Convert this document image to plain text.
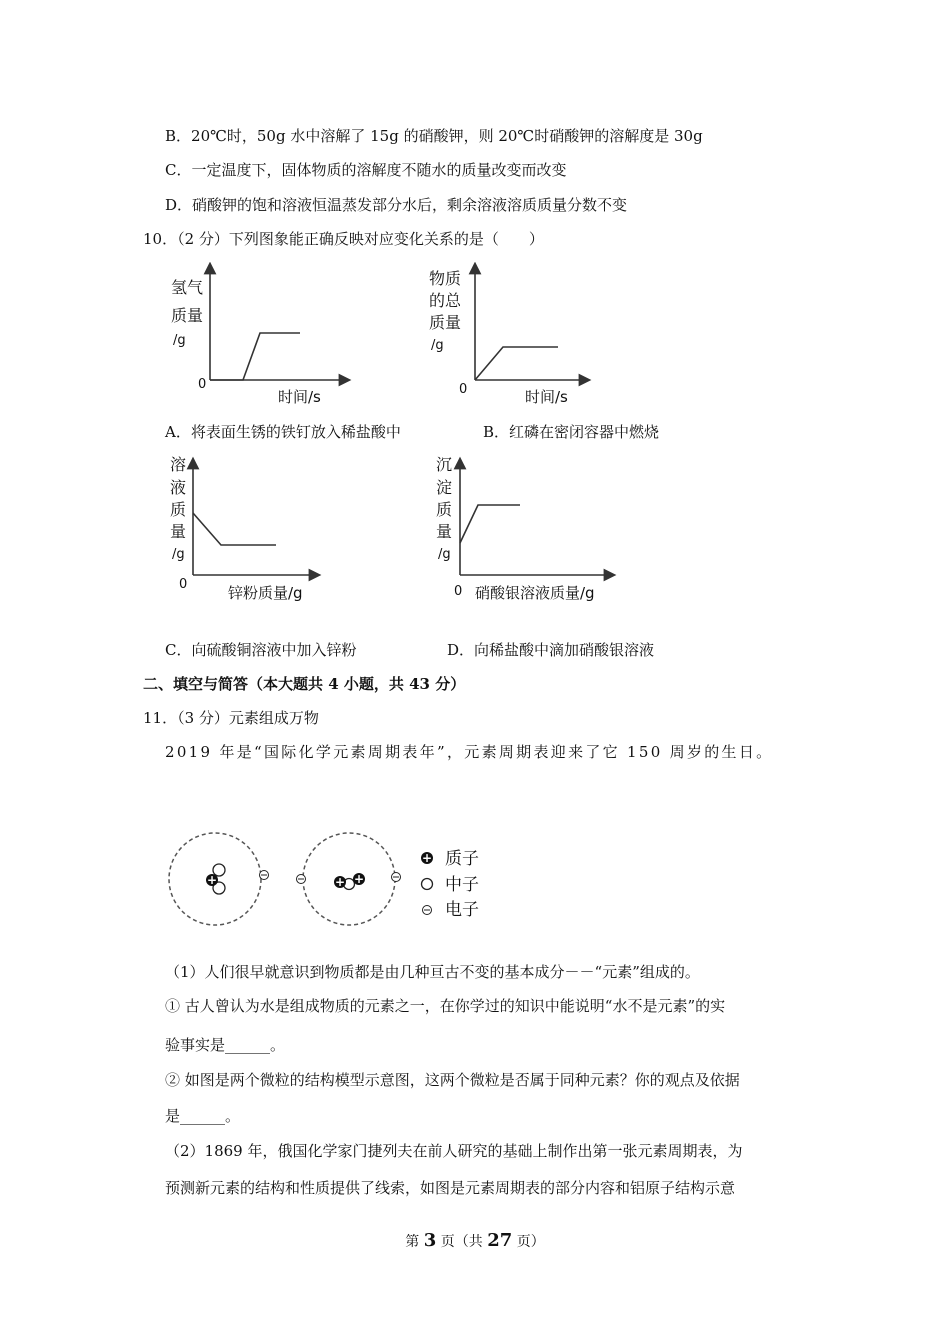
B．20℃时，50g 水中溶解了 15g 的硝酸钾，则 20℃时硝酸钾的溶解度是 30g
C．一定温度下，固体物质的溶解度不随水的质量改变而改变
D．硝酸钾的饱和溶液恒温蒸发部分水后，剩余溶液溶质质量分数不变
10．（2 分）下列图象能正确反映对应变化关系的是（　　）
氢气
质量
/g
0
时间/s
物质
的总
质量
/g
0	时间/s
A．将表面生锈的铁钉放入稀盐酸中	B．红磷在密闭容器中燃烧
溶
液
质
量
/g
0	锌粉质量/g
沉
淀
质
量
/g
0 硝酸银溶液质量/g
C．向硫酸铜溶液中加入锌粉	D．向稀盐酸中滴加硝酸银溶液
二、填空与简答（本大题共 4 小题，共 43 分）
11．（3 分）元素组成万物
2019 年是“国际化学元素周期表年”，元素周期表迎来了它 150 周岁的生日。
+	+ +
+ 质子
中子
电子
（1）人们很早就意识到物质都是由几种亘古不变的基本成分－－“元素”组成的。
① 古人曾认为水是组成物质的元素之一，在你学过的知识中能说明“水不是元素”的实
验事实是______。
② 如图是两个微粒的结构模型示意图，这两个微粒是否属于同种元素？你的观点及依据
是______。
（2）1869 年，俄国化学家门捷列夫在前人研究的基础上制作出第一张元素周期表，为
预测新元素的结构和性质提供了线索，如图是元素周期表的部分内容和铝原子结构示意
第 3 页（共 27 页）
